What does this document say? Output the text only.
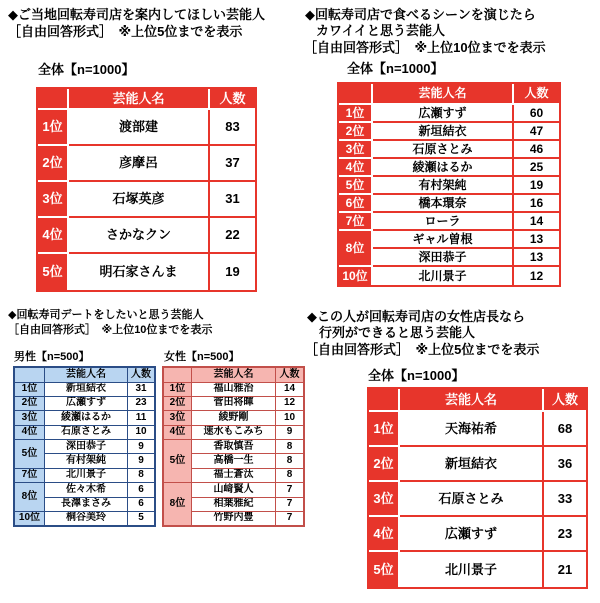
◆ご当地回転寿司店を案内してほしい芸能人
［自由回答形式］　※上位5位までを表示
全体【n=1000】
	芸能人名	人数
1位	渡部建	83
2位	彦摩呂	37
3位	石塚英彦	31
4位	さかなクン	22
5位	明石家さんま	19
◆回転寿司店で食べるシーンを演じたら
カワイイと思う芸能人
［自由回答形式］　※上位10位までを表示
全体【n=1000】
	芸能人名	人数
1位	広瀬すず	60
2位	新垣結衣	47
3位	石原さとみ	46
4位	綾瀬はるか	25
5位	有村架純	19
6位	橋本環奈	16
7位	ローラ	14
8位	ギャル曽根	13
	深田恭子	13
10位	北川景子	12
◆回転寿司デートをしたいと思う芸能人
［自由回答形式］　※上位10位までを表示
男性【n=500】	女性【n=500】
	芸能人名	人数
1位	新垣結衣	31
2位	広瀬すず	23
3位	綾瀬はるか	11
4位	石原さとみ	10
5位	深田恭子	9
	有村架純	9
7位	北川景子	8
8位	佐々木希	6
	長澤まさみ	6
10位	桐谷美玲	5
	芸能人名	人数
1位	福山雅治	14
2位	菅田将暉	12
3位	綾野剛	10
4位	速水もこみち	9
5位	香取慎吾	8
	高橋一生	8
	福士蒼汰	8
8位	山﨑賢人	7
	相葉雅紀	7
	竹野内豊	7
◆この人が回転寿司店の女性店長なら
行列ができると思う芸能人
［自由回答形式］　※上位5位までを表示
全体【n=1000】
	芸能人名	人数
1位	天海祐希	68
2位	新垣結衣	36
3位	石原さとみ	33
4位	広瀬すず	23
5位	北川景子	21
